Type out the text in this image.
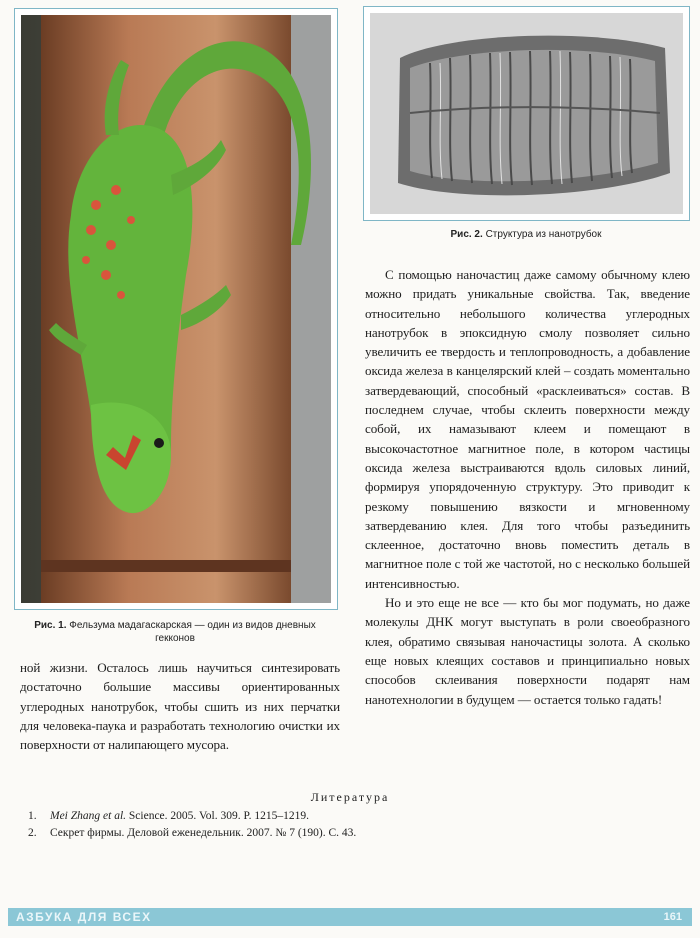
Рис. 1. Фельзума мадагаскарская — один из видов дневных гекконов
Рис. 2. Структура из нанотрубок

ной жизни. Осталось лишь научиться синтезировать достаточно большие массивы ориентированных углеродных нанотрубок, чтобы сшить из них перчатки для человека-паука и разработать технологию очистки их поверхности от налипающего мусора.

С помощью наночастиц даже самому обычному клею можно придать уникальные свойства. Так, введение относительно небольшого количества углеродных нанотрубок в эпоксидную смолу позволяет сильно увеличить ее твердость и теплопроводность, а добавление оксида железа в канцелярский клей – создать моментально затвердевающий, способный «расклеиваться» состав. В последнем случае, чтобы склеить поверхности между собой, их намазывают клеем и помещают в высокочастотное магнитное поле, в котором частицы оксида железа выстраиваются вдоль силовых линий, формируя упорядоченную структуру. Это приводит к резкому повышению вязкости и мгновенному затвердеванию клея. Для того чтобы разъединить склеенное, достаточно вновь поместить деталь в магнитное поле с той же частотой, но с несколько большей интенсивностью.

Но и это еще не все — кто бы мог подумать, но даже молекулы ДНК могут выступать в роли своеобразного клея, обратимо связывая наночастицы золота. А сколько еще новых клеящих составов и принципиально новых способов склеивания поверхности подарят нам нанотехнологии в будущем — остается только гадать!

Литература
1.	Mei Zhang et al. Science. 2005. Vol. 309. P. 1215–1219.
2.	Секрет фирмы. Деловой еженедельник. 2007. № 7 (190). С. 43.
АЗБУКА ДЛЯ ВСЕХ	161
